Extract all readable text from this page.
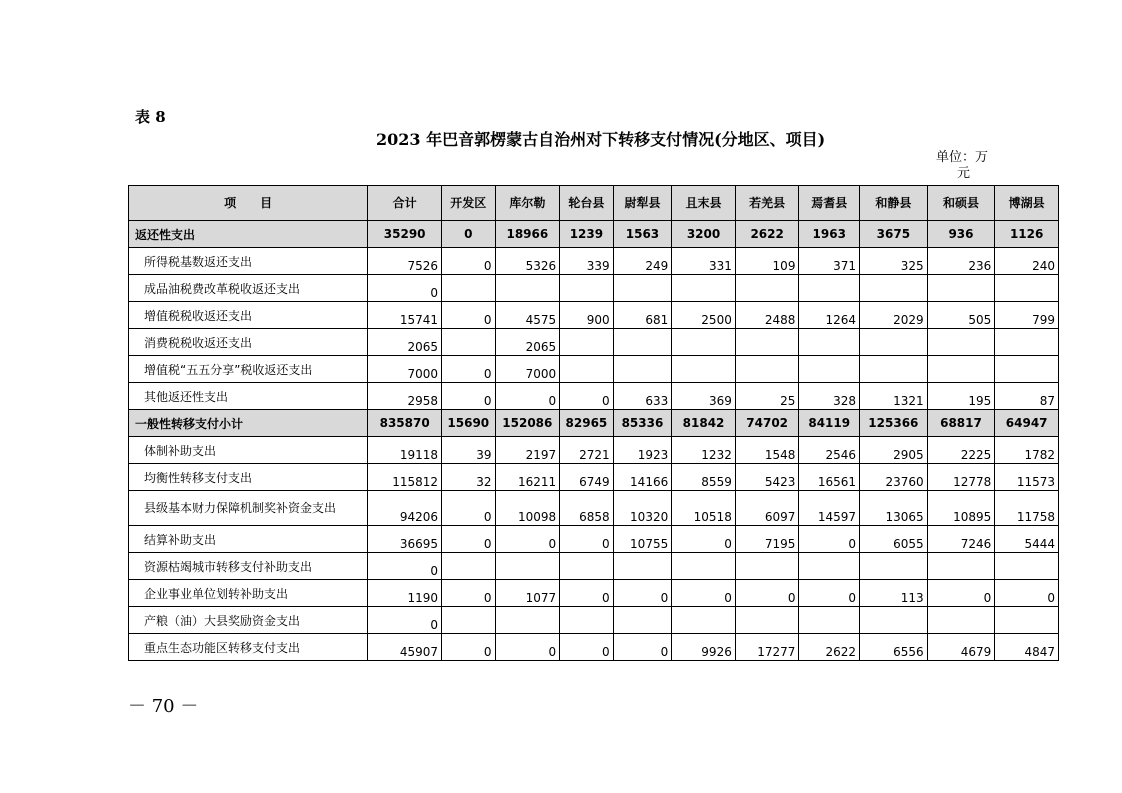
表 8
2023 年巴音郭楞蒙古自治州对下转移支付情况(分地区、项目)
单位：万
元
项　　目	合计	开发区	库尔勒	轮台县	尉犁县	且末县	若羌县	焉耆县	和静县	和硕县	博湖县
返还性支出	35290	0	18966	1239	1563	3200	2622	1963	3675	936	1126
所得税基数返还支出	7526	0	5326	339	249	331	109	371	325	236	240
成品油税费改革税收返还支出	0										
增值税税收返还支出	15741	0	4575	900	681	2500	2488	1264	2029	505	799
消费税税收返还支出	2065		2065								
增值税“五五分享”税收返还支出	7000	0	7000								
其他返还性支出	2958	0	0	0	633	369	25	328	1321	195	87
一般性转移支付小计	835870	15690	152086	82965	85336	81842	74702	84119	125366	68817	64947
体制补助支出	19118	39	2197	2721	1923	1232	1548	2546	2905	2225	1782
均衡性转移支付支出	115812	32	16211	6749	14166	8559	5423	16561	23760	12778	11573
县级基本财力保障机制奖补资金支出	94206	0	10098	6858	10320	10518	6097	14597	13065	10895	11758
结算补助支出	36695	0	0	0	10755	0	7195	0	6055	7246	5444
资源枯竭城市转移支付补助支出	0										
企业事业单位划转补助支出	1190	0	1077	0	0	0	0	0	113	0	0
产粮（油）大县奖励资金支出	0										
重点生态功能区转移支付支出	45907	0	0	0	0	9926	17277	2622	6556	4679	4847
－ 70 －
